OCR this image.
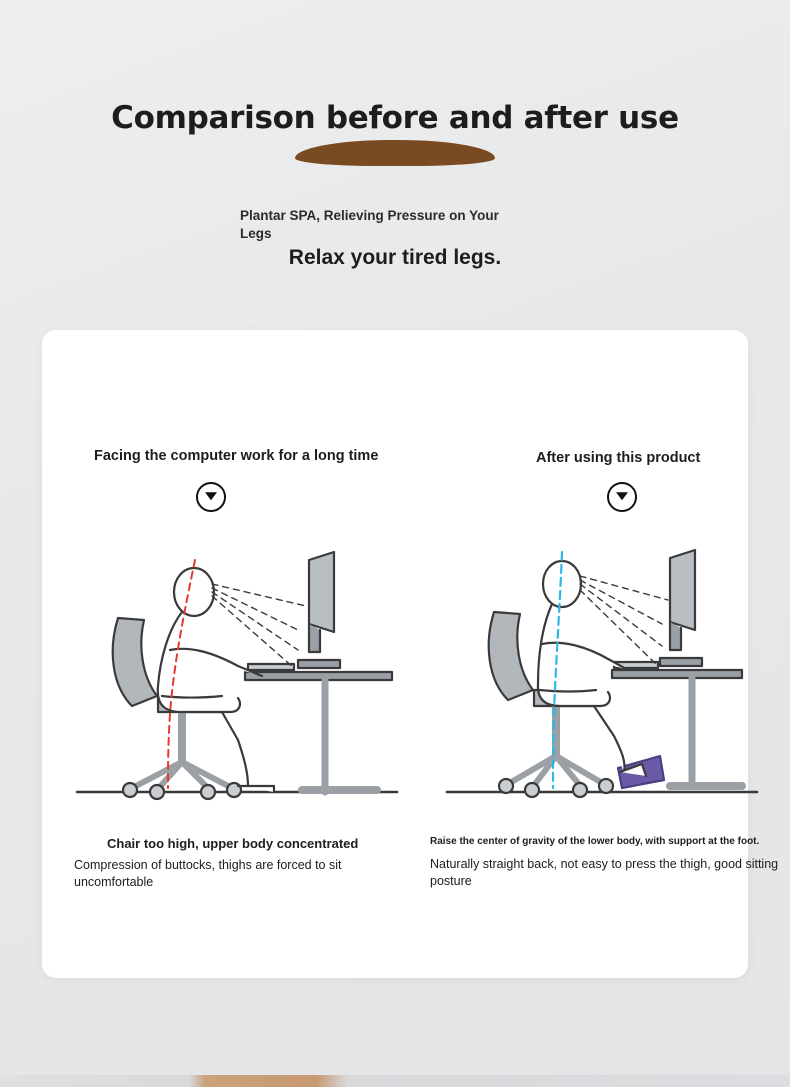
Comparison before and after use
Plantar SPA, Relieving Pressure on Your Legs
Relax your tired legs.
Facing the computer work for a long time	After using this product
Chair too high, upper body concentrated
Compression of buttocks, thighs are forced to sit uncomfortable
Raise the center of gravity of the lower body, with support at the foot.
Naturally straight back, not easy to press the thigh, good sitting posture
